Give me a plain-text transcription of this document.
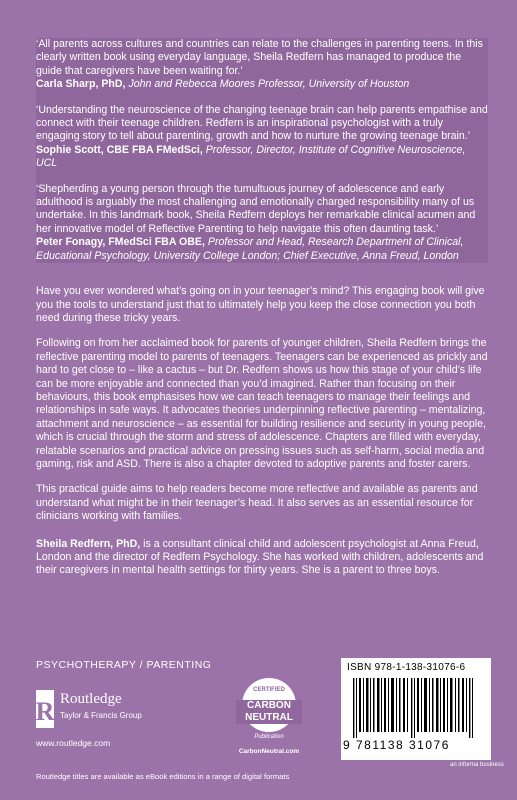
‘All parents across cultures and countries can relate to the challenges in parenting teens. In this clearly written book using everyday language, Sheila Redfern has managed to produce the guide that caregivers have been waiting for.’
Carla Sharp, PhD, John and Rebecca Moores Professor, University of Houston
‘Understanding the neuroscience of the changing teenage brain can help parents empathise and connect with their teenage children. Redfern is an inspirational psychologist with a truly engaging story to tell about parenting, growth and how to nurture the growing teenage brain.’
Sophie Scott, CBE FBA FMedSci, Professor, Director, Institute of Cognitive Neuroscience, UCL
‘Shepherding a young person through the tumultuous journey of adolescence and early adulthood is arguably the most challenging and emotionally charged responsibility many of us undertake. In this landmark book, Sheila Redfern deploys her remarkable clinical acumen and her innovative model of Reflective Parenting to help navigate this often daunting task.’
Peter Fonagy, FMedSci FBA OBE, Professor and Head, Research Department of Clinical, Educational Psychology, University College London; Chief Executive, Anna Freud, London

Have you ever wondered what’s going on in your teenager’s mind? This engaging book will give you the tools to understand just that to ultimately help you keep the close connection you both need during these tricky years.

Following on from her acclaimed book for parents of younger children, Sheila Redfern brings the reflective parenting model to parents of teenagers. Teenagers can be experienced as prickly and hard to get close to – like a cactus – but Dr. Redfern shows us how this stage of your child’s life can be more enjoyable and connected than you’d imagined. Rather than focusing on their behaviours, this book emphasises how we can teach teenagers to manage their feelings and relationships in safe ways. It advocates theories underpinning reflective parenting – mentalizing, attachment and neuroscience – as essential for building resilience and security in young people, which is crucial through the storm and stress of adolescence. Chapters are filled with everyday, relatable scenarios and practical advice on pressing issues such as self-harm, social media and gaming, risk and ASD. There is also a chapter devoted to adoptive parents and foster carers.

This practical guide aims to help readers become more reflective and available as parents and understand what might be in their teenager’s head. It also serves as an essential resource for clinicians working with families.

Sheila Redfern, PhD, is a consultant clinical child and adolescent psychologist at Anna Freud, London and the director of Redfern Psychology. She has worked with children, adolescents and their caregivers in mental health settings for thirty years. She is a parent to three boys.

PSYCHOTHERAPY / PARENTING
R Routledge
Taylor & Francis Group
www.routledge.com
CERTIFIED
CARBON NEUTRAL
Publication
CarbonNeutral.com
ISBN 978-1-138-31076-6
9 781138 31076
an informa business
Routledge titles are available as eBook editions in a range of digital formats
